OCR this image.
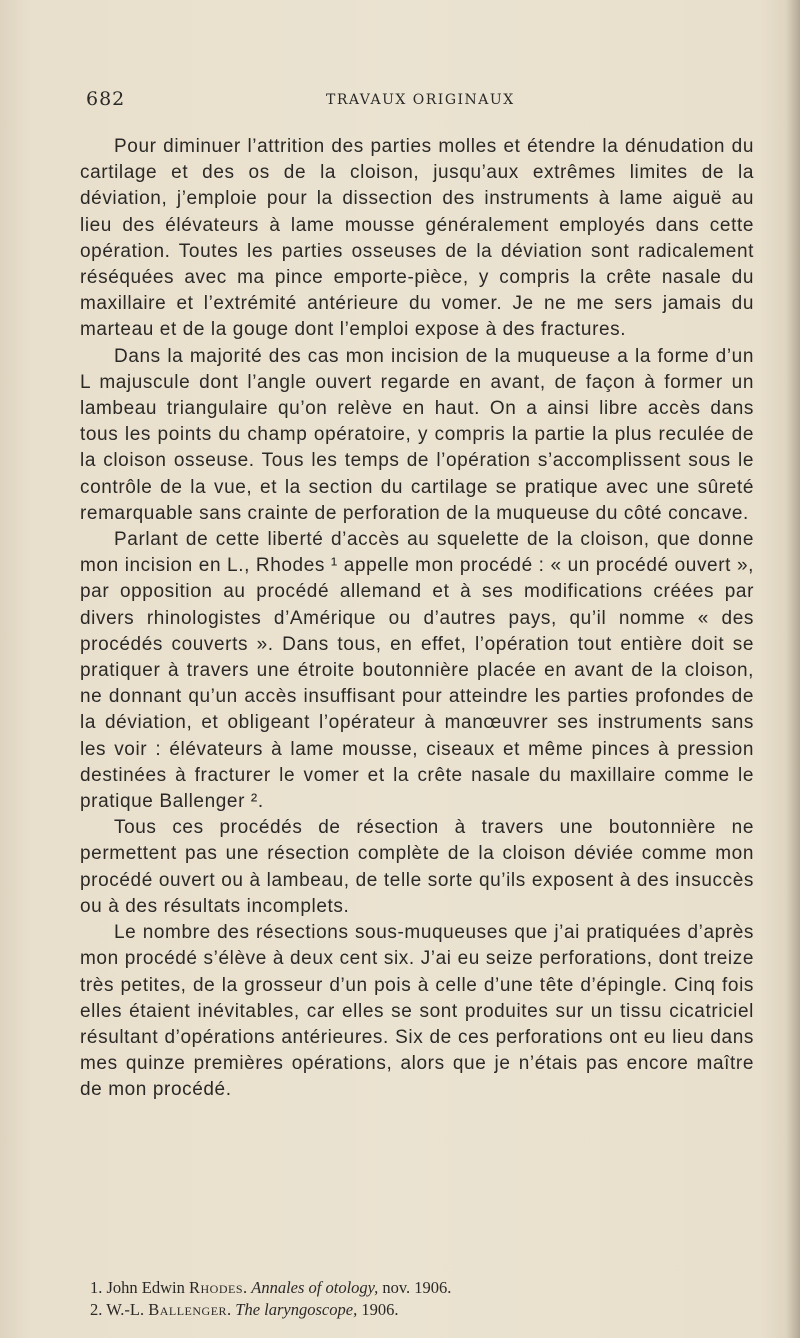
682	TRAVAUX ORIGINAUX

Pour diminuer l’attrition des parties molles et étendre la dénudation du cartilage et des os de la cloison, jusqu’aux extrêmes limites de la déviation, j’emploie pour la dissection des instruments à lame aiguë au lieu des élévateurs à lame mousse généralement employés dans cette opération. Toutes les parties osseuses de la déviation sont radicalement réséquées avec ma pince emporte-pièce, y compris la crête nasale du maxillaire et l’extrémité antérieure du vomer. Je ne me sers jamais du marteau et de la gouge dont l’emploi expose à des fractures.

Dans la majorité des cas mon incision de la muqueuse a la forme d’un L majuscule dont l’angle ouvert regarde en avant, de façon à former un lambeau triangulaire qu’on relève en haut. On a ainsi libre accès dans tous les points du champ opératoire, y compris la partie la plus reculée de la cloison osseuse. Tous les temps de l’opération s’accomplissent sous le contrôle de la vue, et la section du cartilage se pratique avec une sûreté remarquable sans crainte de perforation de la muqueuse du côté concave.

Parlant de cette liberté d’accès au squelette de la cloison, que donne mon incision en L., Rhodes ¹ appelle mon procédé : « un procédé ouvert », par opposition au procédé allemand et à ses modifications créées par divers rhinologistes d’Amérique ou d’autres pays, qu’il nomme « des procédés couverts ». Dans tous, en effet, l’opération tout entière doit se pratiquer à travers une étroite boutonnière placée en avant de la cloison, ne donnant qu’un accès insuffisant pour atteindre les parties profondes de la déviation, et obligeant l’opérateur à manœuvrer ses instruments sans les voir : élévateurs à lame mousse, ciseaux et même pinces à pression destinées à fracturer le vomer et la crête nasale du maxillaire comme le pratique Ballenger ².

Tous ces procédés de résection à travers une boutonnière ne permettent pas une résection complète de la cloison déviée comme mon procédé ouvert ou à lambeau, de telle sorte qu’ils exposent à des insuccès ou à des résultats incomplets.

Le nombre des résections sous-muqueuses que j’ai pratiquées d’après mon procédé s’élève à deux cent six. J’ai eu seize perforations, dont treize très petites, de la grosseur d’un pois à celle d’une tête d’épingle. Cinq fois elles étaient inévitables, car elles se sont produites sur un tissu cicatriciel résultant d’opérations antérieures. Six de ces perforations ont eu lieu dans mes quinze premières opérations, alors que je n’étais pas encore maître de mon procédé.

1. John Edwin Rhodes. Annales of otology, nov. 1906.
2. W.-L. Ballenger. The laryngoscope, 1906.
